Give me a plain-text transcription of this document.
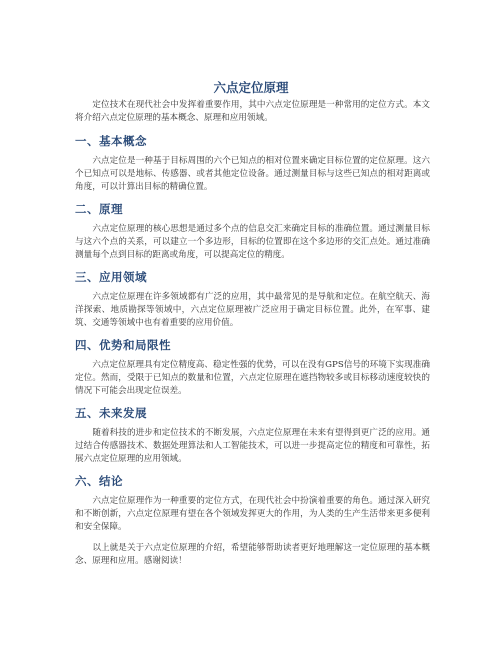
六点定位原理

　　定位技术在现代社会中发挥着重要作用，其中六点定位原理是一种常用的定位方式。本文将介绍六点定位原理的基本概念、原理和应用领域。

一、基本概念

　　六点定位是一种基于目标周围的六个已知点的相对位置来确定目标位置的定位原理。这六个已知点可以是地标、传感器、或者其他定位设备。通过测量目标与这些已知点的相对距离或角度，可以计算出目标的精确位置。

二、原理

　　六点定位原理的核心思想是通过多个点的信息交汇来确定目标的准确位置。通过测量目标与这六个点的关系，可以建立一个多边形，目标的位置即在这个多边形的交汇点处。通过准确测量每个点到目标的距离或角度，可以提高定位的精度。

三、应用领域

　　六点定位原理在许多领域都有广泛的应用，其中最常见的是导航和定位。在航空航天、海洋探索、地质勘探等领域中，六点定位原理被广泛应用于确定目标位置。此外，在军事、建筑、交通等领域中也有着重要的应用价值。

四、优势和局限性

　　六点定位原理具有定位精度高、稳定性强的优势，可以在没有GPS信号的环境下实现准确定位。然而，受限于已知点的数量和位置，六点定位原理在遮挡物较多或目标移动速度较快的情况下可能会出现定位误差。

五、未来发展

　　随着科技的进步和定位技术的不断发展，六点定位原理在未来有望得到更广泛的应用。通过结合传感器技术、数据处理算法和人工智能技术，可以进一步提高定位的精度和可靠性，拓展六点定位原理的应用领域。

六、结论

　　六点定位原理作为一种重要的定位方式，在现代社会中扮演着重要的角色。通过深入研究和不断创新，六点定位原理有望在各个领域发挥更大的作用，为人类的生产生活带来更多便利和安全保障。

　　以上就是关于六点定位原理的介绍，希望能够帮助读者更好地理解这一定位原理的基本概念、原理和应用。感谢阅读！
